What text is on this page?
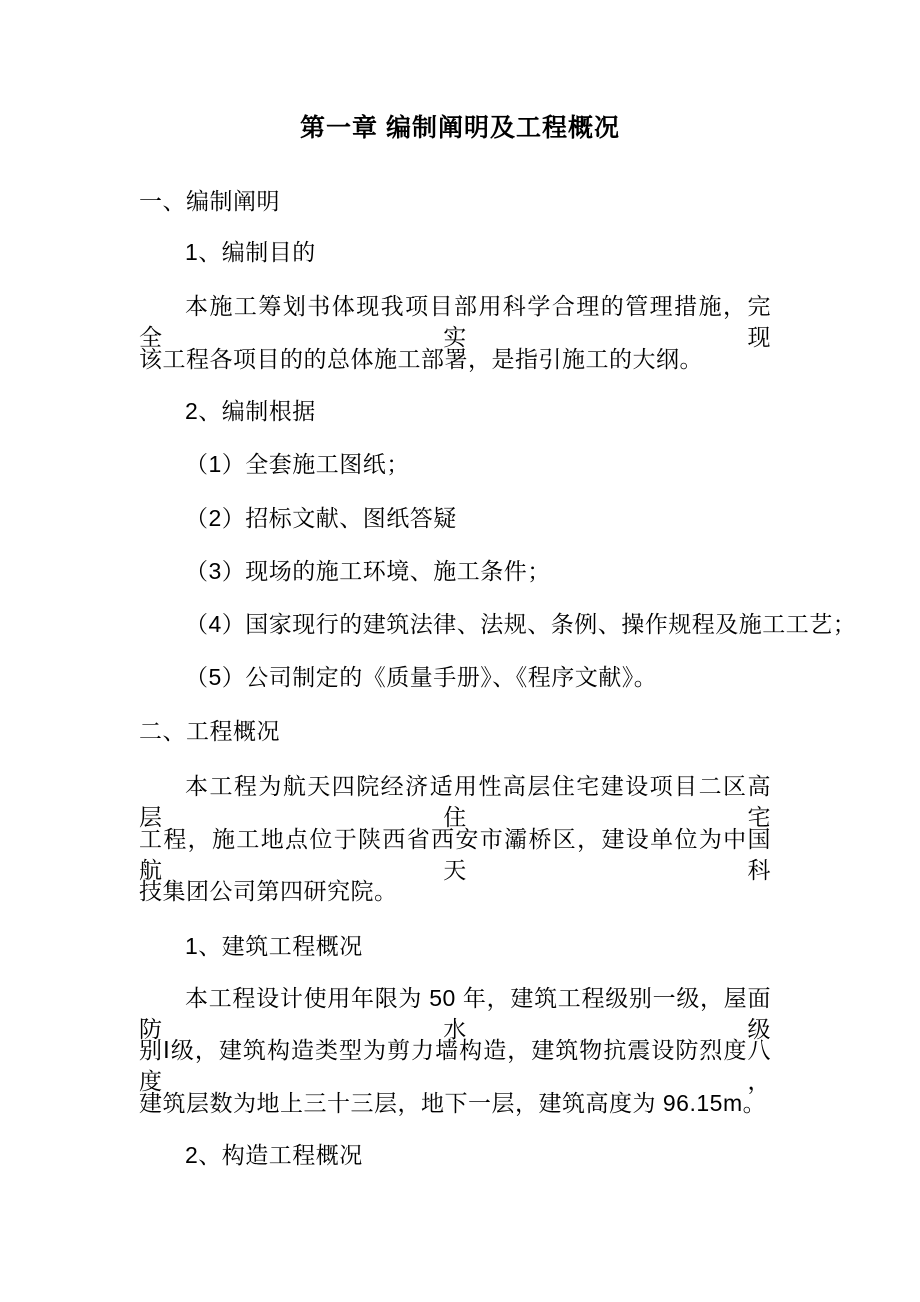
第一章 编制阐明及工程概况
一、编制阐明
1、编制目的
本施工筹划书体现我项目部用科学合理的管理措施，完全实现
该工程各项目的的总体施工部署，是指引施工的大纲。
2、编制根据
（1）全套施工图纸；
（2）招标文献、图纸答疑
（3）现场的施工环境、施工条件；
（4）国家现行的建筑法律、法规、条例、操作规程及施工工艺；
（5）公司制定的《质量手册》、《程序文献》。
二、工程概况
本工程为航天四院经济适用性高层住宅建设项目二区高层住宅
工程，施工地点位于陕西省西安市灞桥区，建设单位为中国航天科
技集团公司第四研究院。
1、建筑工程概况
本工程设计使用年限为 50 年，建筑工程级别一级，屋面防水级
别Ⅰ级，建筑构造类型为剪力墙构造，建筑物抗震设防烈度八度，
建筑层数为地上三十三层，地下一层，建筑高度为 96.15m。
2、构造工程概况
